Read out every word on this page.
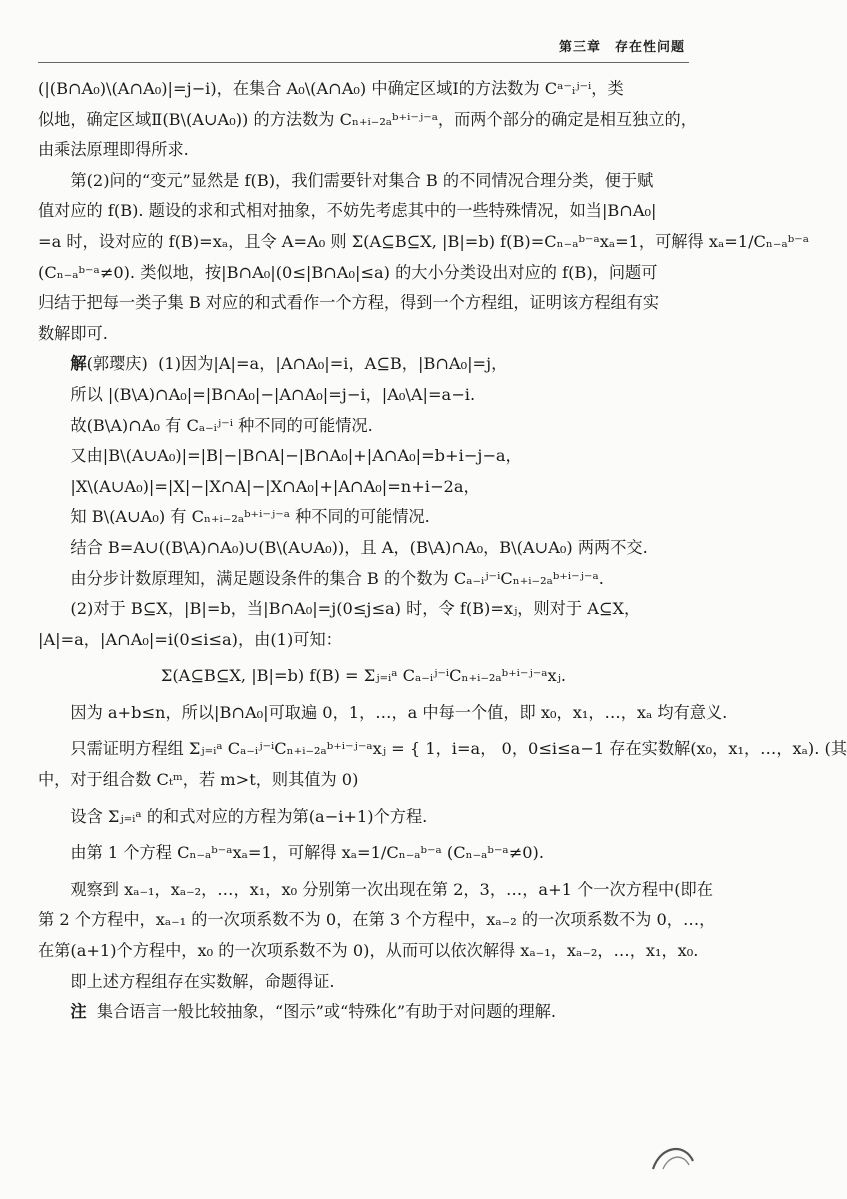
第三章　存在性问题
(|(B∩A₀)\(A∩A₀)|=j−i)，在集合 A₀\(A∩A₀) 中确定区域Ⅰ的方法数为 Cᵃ⁻ᵢʲ⁻ⁱ，类
似地，确定区域Ⅱ(B\(A∪A₀)) 的方法数为 Cₙ₊ᵢ₋₂ₐᵇ⁺ⁱ⁻ʲ⁻ᵃ，而两个部分的确定是相互独立的，
由乘法原理即得所求.
第(2)问的“变元”显然是 f(B)，我们需要针对集合 B 的不同情况合理分类，便于赋
值对应的 f(B). 题设的求和式相对抽象，不妨先考虑其中的一些特殊情况，如当|B∩A₀|
=a 时，设对应的 f(B)=xₐ，且令 A=A₀ 则 Σ(A⊆B⊆X, |B|=b) f(B)=Cₙ₋ₐᵇ⁻ᵃxₐ=1，可解得 xₐ=1/Cₙ₋ₐᵇ⁻ᵃ
(Cₙ₋ₐᵇ⁻ᵃ≠0). 类似地，按|B∩A₀|(0≤|B∩A₀|≤a) 的大小分类设出对应的 f(B)，问题可
归结于把每一类子集 B 对应的和式看作一个方程，得到一个方程组，证明该方程组有实
数解即可.
解(郭璎庆) (1)因为|A|=a，|A∩A₀|=i，A⊆B，|B∩A₀|=j，
所以 |(B\A)∩A₀|=|B∩A₀|−|A∩A₀|=j−i，|A₀\A|=a−i.
故(B\A)∩A₀ 有 Cₐ₋ᵢʲ⁻ⁱ 种不同的可能情况.
又由|B\(A∪A₀)|=|B|−|B∩A|−|B∩A₀|+|A∩A₀|=b+i−j−a，
|X\(A∪A₀)|=|X|−|X∩A|−|X∩A₀|+|A∩A₀|=n+i−2a，
知 B\(A∪A₀) 有 Cₙ₊ᵢ₋₂ₐᵇ⁺ⁱ⁻ʲ⁻ᵃ 种不同的可能情况.
结合 B=A∪((B\A)∩A₀)∪(B\(A∪A₀))，且 A，(B\A)∩A₀，B\(A∪A₀) 两两不交.
由分步计数原理知，满足题设条件的集合 B 的个数为 Cₐ₋ᵢʲ⁻ⁱCₙ₊ᵢ₋₂ₐᵇ⁺ⁱ⁻ʲ⁻ᵃ.
(2)对于 B⊆X，|B|=b，当|B∩A₀|=j(0≤j≤a) 时，令 f(B)=xⱼ，则对于 A⊆X，
|A|=a，|A∩A₀|=i(0≤i≤a)，由(1)可知：
Σ(A⊆B⊆X, |B|=b) f(B) = Σⱼ₌ᵢᵃ Cₐ₋ᵢʲ⁻ⁱCₙ₊ᵢ₋₂ₐᵇ⁺ⁱ⁻ʲ⁻ᵃxⱼ.
因为 a+b≤n，所以|B∩A₀|可取遍 0，1，…，a 中每一个值，即 x₀，x₁，…，xₐ 均有意义.
只需证明方程组 Σⱼ₌ᵢᵃ Cₐ₋ᵢʲ⁻ⁱCₙ₊ᵢ₋₂ₐᵇ⁺ⁱ⁻ʲ⁻ᵃxⱼ = { 1，i=a， 0，0≤i≤a−1 存在实数解(x₀，x₁，…，xₐ). (其
中，对于组合数 Cₜᵐ，若 m>t，则其值为 0)
设含 Σⱼ₌ᵢᵃ 的和式对应的方程为第(a−i+1)个方程.
由第 1 个方程 Cₙ₋ₐᵇ⁻ᵃxₐ=1，可解得 xₐ=1/Cₙ₋ₐᵇ⁻ᵃ (Cₙ₋ₐᵇ⁻ᵃ≠0).
观察到 xₐ₋₁，xₐ₋₂，…，x₁，x₀ 分别第一次出现在第 2，3，…，a+1 个一次方程中(即在
第 2 个方程中，xₐ₋₁ 的一次项系数不为 0，在第 3 个方程中，xₐ₋₂ 的一次项系数不为 0，…，
在第(a+1)个方程中，x₀ 的一次项系数不为 0)，从而可以依次解得 xₐ₋₁，xₐ₋₂，…，x₁，x₀.
即上述方程组存在实数解，命题得证.
注 集合语言一般比较抽象，“图示”或“特殊化”有助于对问题的理解.
